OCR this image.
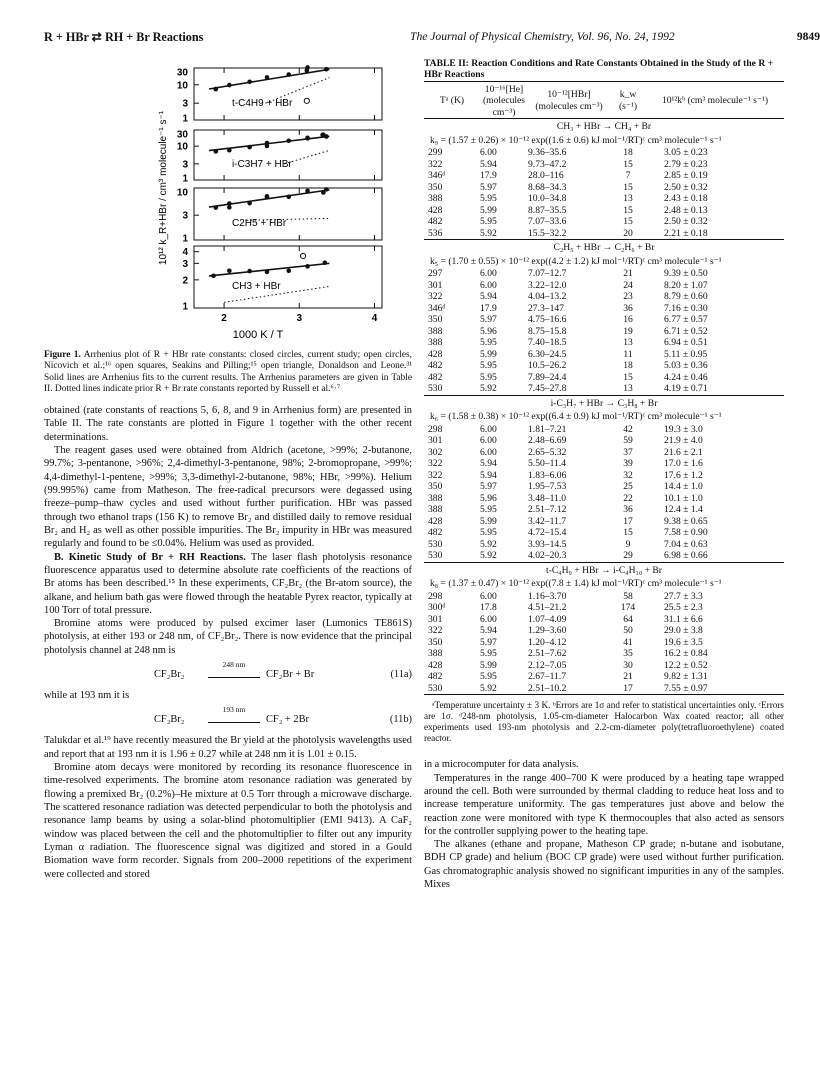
R + HBr ⇄ RH + Br Reactions	The Journal of Physical Chemistry, Vol. 96, No. 24, 1992	9849
30
10
3
1
t-C4H9 + HBr
30
10
3
1
i-C3H7 + HBr
10
3
1
C2H5 + HBr
4
3
2
1
CH3 + HBr
2	3	4
1000 K / T
10¹² k_R+HBr / cm³ molecule⁻¹ s⁻¹

Figure 1. Arrhenius plot of R + HBr rate constants: closed circles, current study; open circles, Nicovich et al.;¹⁶ open squares, Seakins and Pilling;¹⁵ open triangle, Donaldson and Leone.³¹ Solid lines are Arrhenius fits to the current results. The Arrhenius parameters are given in Table II. Dotted lines indicate prior R + Br rate constants reported by Russell et al.⁶·⁷

obtained (rate constants of reactions 5, 6, 8, and 9 in Arrhenius form) are presented in Table II. The rate constants are plotted in Figure 1 together with the other recent determinations.

The reagent gases used were obtained from Aldrich (acetone, >99%; 2-butanone, 99.7%; 3-pentanone, >96%; 2,4-dimethyl-3-pentanone, 98%; 2-bromopropane, >99%; 4,4-dimethyl-1-pentene, >99%; 3,3-dimethyl-2-butanone, 98%; HBr, >99%). Helium (99.995%) came from Matheson. The free-radical precursors were degassed using freeze–pump–thaw cycles and used without further purification. HBr was passed through two ethanol traps (156 K) to remove Br₂ and distilled daily to remove residual Br₂ and H₂ as well as other possible impurities. The Br₂ impurity in HBr was measured regularly and found to be ≤0.04%. Helium was used as provided.

B. Kinetic Study of Br + RH Reactions. The laser flash photolysis resonance fluorescence apparatus used to determine absolute rate coefficients of the reactions of Br atoms has been described.¹⁵ In these experiments, CF₂Br₂ (the Br-atom source), the alkane, and helium bath gas were flowed through the heatable Pyrex reactor, typically at 100 Torr of total pressure.

Bromine atoms were produced by pulsed excimer laser (Lumonics TE861S) photolysis, at either 193 or 248 nm, of CF₂Br₂. There is now evidence that the principal photolysis channel at 248 nm is

CF₂Br₂
248 nm
CF₂Br + Br	(11a)

while at 193 nm it is

CF₂Br₂
193 nm
CF₂ + 2Br	(11b)

Talukdar et al.¹⁹ have recently measured the Br yield at the photolysis wavelengths used and report that at 193 nm it is 1.96 ± 0.27 while at 248 nm it is 1.01 ± 0.15.

Bromine atom decays were monitored by recording its resonance fluorescence in time-resolved experiments. The bromine atom resonance radiation was generated by flowing a premixed Br₂ (0.2%)–He mixture at 0.5 Torr through a microwave discharge. The scattered resonance radiation was detected perpendicular to both the photolysis and resonance lamp beams by using a solar-blind photomultiplier (EMI 9413). A CaF₂ window was placed between the cell and the photomultiplier to filter out any impurity Lyman α radiation. The fluorescence signal was digitized and stored in a Gould Biomation wave form recorder. Signals from 200–2000 repetitions of the experiment were collected and stored

TABLE II: Reaction Conditions and Rate Constants Obtained in the Study of the R + HBr Reactions

Tᵃ (K)	10⁻¹⁶[He] (molecules cm⁻³)	10⁻¹²[HBr] (molecules cm⁻³)	k_w (s⁻¹)	10¹²kᵇ (cm³ molecule⁻¹ s⁻¹)

CH₃ + HBr → CH₄ + Br				
k₉ = (1.57 ± 0.26) × 10⁻¹² exp((1.6 ± 0.6) kJ mol⁻¹/RT)ᶜ cm³ molecule⁻¹ s⁻¹				
299	6.00	9.36–35.6	18	3.05 ± 0.23
322	5.94	9.73–47.2	15	2.79 ± 0.23
346ᵈ	17.9	28.0–116	7	2.85 ± 0.19
350	5.97	8.68–34.3	15	2.50 ± 0.32
388	5.95	10.0–34.8	13	2.43 ± 0.18
428	5.99	8.87–35.5	15	2.48 ± 0.13
482	5.95	7.07–33.6	15	2.50 ± 0.32
536	5.92	15.5–32.2	20	2.21 ± 0.18

C₂H₅ + HBr → C₂H₆ + Br				
k₅ = (1.70 ± 0.55) × 10⁻¹² exp((4.2 ± 1.2) kJ mol⁻¹/RT)ᶜ cm³ molecule⁻¹ s⁻¹				
297	6.00	7.07–12.7	21	9.39 ± 0.50
301	6.00	3.22–12.0	24	8.20 ± 1.07
322	5.94	4.04–13.2	23	8.79 ± 0.60
346ᵈ	17.9	27.3–147	36	7.16 ± 0.30
350	5.97	4.75–16.6	16	6.77 ± 0.57
388	5.96	8.75–15.8	19	6.71 ± 0.52
388	5.95	7.40–18.5	13	6.94 ± 0.51
428	5.99	6.30–24.5	11	5.11 ± 0.95
482	5.95	10.5–26.2	18	5.03 ± 0.36
482	5.95	7.89–24.4	15	4.24 ± 0.46
530	5.92	7.45–27.8	13	4.19 ± 0.71

i-C₃H₇ + HBr → C₃H₈ + Br				
k₆ = (1.58 ± 0.38) × 10⁻¹² exp((6.4 ± 0.9) kJ mol⁻¹/RT)ᶜ cm³ molecule⁻¹ s⁻¹				
298	6.00	1.81–7.21	42	19.3 ± 3.0
301	6.00	2.48–6.69	59	21.9 ± 4.0
302	6.00	2.65–5.32	37	21.6 ± 2.1
322	5.94	5.50–11.4	39	17.0 ± 1.6
322	5.94	1.83–6.06	32	17.6 ± 1.2
350	5.97	1.95–7.53	25	14.4 ± 1.0
388	5.96	3.48–11.0	22	10.1 ± 1.0
388	5.95	2.51–7.12	36	12.4 ± 1.4
428	5.99	3.42–11.7	17	9.38 ± 0.65
482	5.95	4.72–15.4	15	7.58 ± 0.90
530	5.92	3.93–14.5	9	7.04 ± 0.63
530	5.92	4.02–20.3	29	6.98 ± 0.66

t-C₄H₉ + HBr → i-C₄H₁₀ + Br				
k₈ = (1.37 ± 0.47) × 10⁻¹² exp((7.8 ± 1.4) kJ mol⁻¹/RT)ᶜ cm³ molecule⁻¹ s⁻¹				
298	6.00	1.16–3.70	58	27.7 ± 3.3
300ᵈ	17.8	4.51–21.2	174	25.5 ± 2.3
301	6.00	1.07–4.09	64	31.1 ± 6.6
322	5.94	1.29–3.60	50	29.0 ± 3.8
350	5.97	1.20–4.12	41	19.6 ± 3.5
388	5.95	2.51–7.62	35	16.2 ± 0.84
428	5.99	2.12–7.05	30	12.2 ± 0.52
482	5.95	2.67–11.7	21	9.82 ± 1.31
530	5.92	2.51–10.2	17	7.55 ± 0.97

ᵃTemperature uncertainty ± 3 K. ᵇErrors are 1σ and refer to statistical uncertainties only. ᶜErrors are 1σ. ᵈ248-nm photolysis, 1.05-cm-diameter Halocarbon Wax coated reactor; all other experiments used 193-nm photolysis and 2.2-cm-diameter poly(tetrafluoroethylene) coated reactor.

in a microcomputer for data analysis.

Temperatures in the range 400–700 K were produced by a heating tape wrapped around the cell. Both were surrounded by thermal cladding to reduce heat loss and to increase temperature uniformity. The gas temperatures just above and below the reaction zone were monitored with type K thermocouples that also acted as sensors for the controller supplying power to the heating tape.

The alkanes (ethane and propane, Matheson CP grade; n-butane and isobutane, BDH CP grade) and helium (BOC CP grade) were used without further purification. Gas chromatographic analysis showed no significant impurities in any of the samples. Mixes
